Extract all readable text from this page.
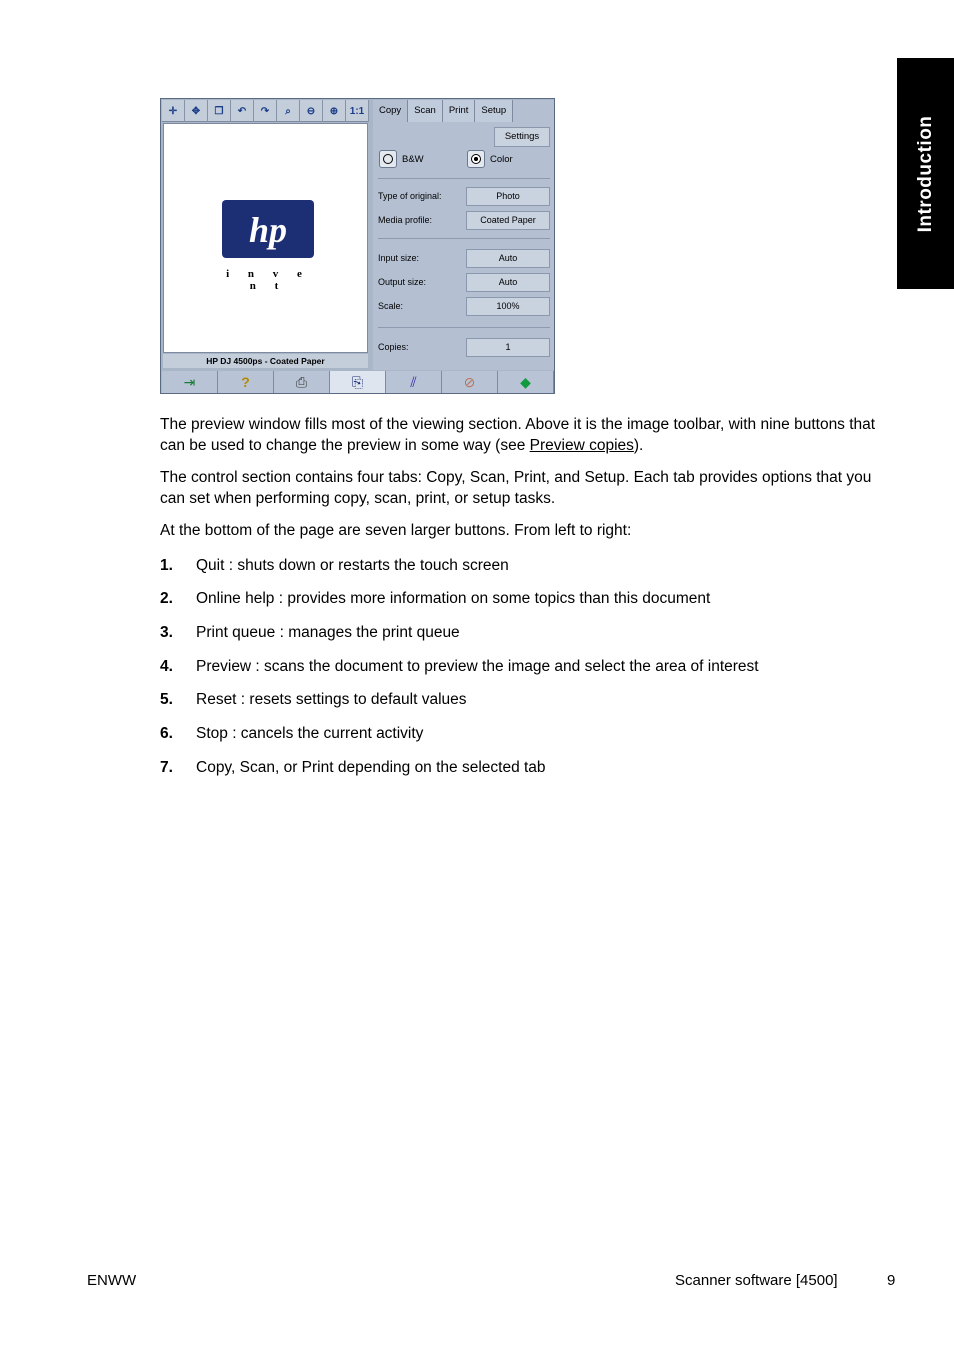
Introduction
✛	✥	❐	↶	↷	⌕	⊖	⊕	1:1
hp
i n v e n t
HP DJ 4500ps - Coated Paper
Copy	Scan	Print	Setup
Settings
B&W	Color
Type of original:	Photo
Media profile:	Coated Paper
Input size:	Auto
Output size:	Auto
Scale:	100%
Copies:	1
⇥	?	⎙	⎘	⫽	⊘	◆
The preview window fills most of the viewing section. Above it is the image toolbar, with nine buttons that can be used to change the preview in some way (see Preview copies).
The control section contains four tabs: Copy, Scan, Print, and Setup. Each tab provides options that you can set when performing copy, scan, print, or setup tasks.
At the bottom of the page are seven larger buttons. From left to right:
1. Quit : shuts down or restarts the touch screen
2. Online help : provides more information on some topics than this document
3. Print queue : manages the print queue
4. Preview : scans the document to preview the image and select the area of interest
5. Reset : resets settings to default values
6. Stop : cancels the current activity
7. Copy, Scan, or Print depending on the selected tab
ENWW	Scanner software [4500]	9
